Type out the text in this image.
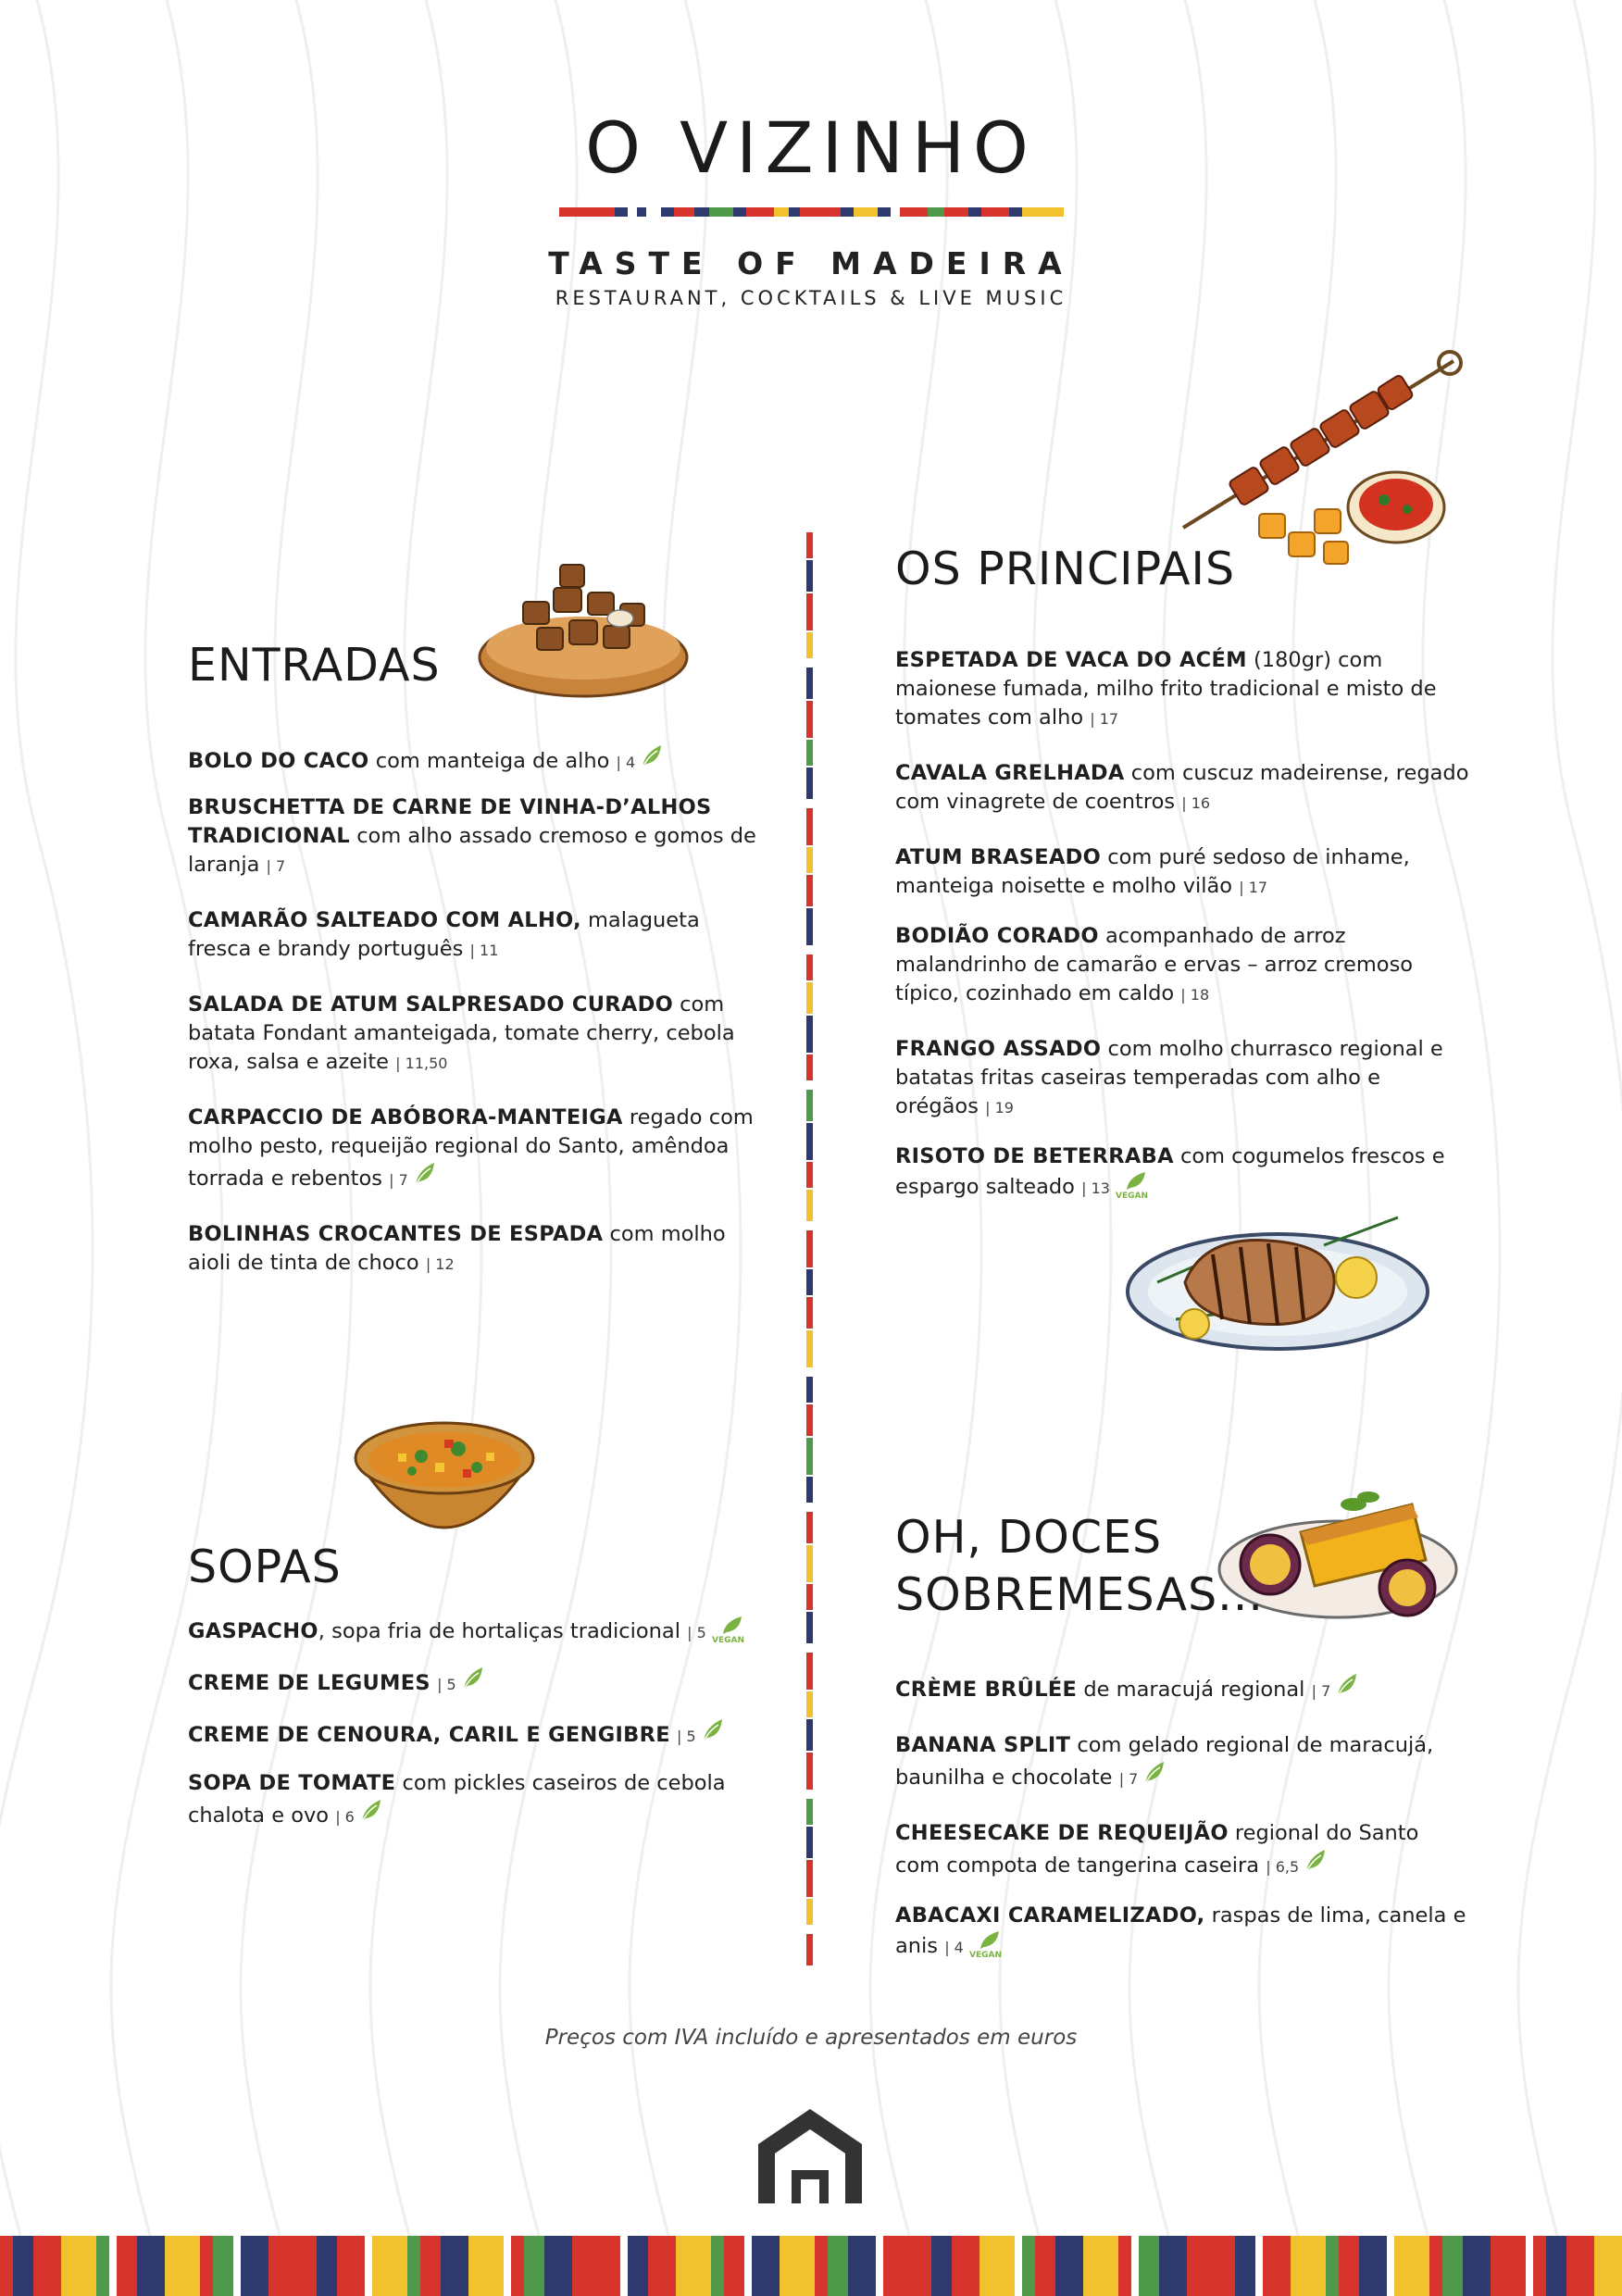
O VIZINHO
TASTE OF MADEIRA
RESTAURANT, COCKTAILS & LIVE MUSIC
ENTRADAS
BOLO DO CACO com manteiga de alho | 4
BRUSCHETTA DE CARNE DE VINHA-D’ALHOS TRADICIONAL com alho assado cremoso e gomos de laranja | 7
CAMARÃO SALTEADO COM ALHO, malagueta fresca e brandy português | 11
SALADA DE ATUM SALPRESADO CURADO com batata Fondant amanteigada, tomate cherry, cebola roxa, salsa e azeite | 11,50
CARPACCIO DE ABÓBORA-MANTEIGA regado com molho pesto, requeijão regional do Santo, amêndoa torrada e rebentos | 7
BOLINHAS CROCANTES DE ESPADA com molho aioli de tinta de choco | 12
SOPAS
GASPACHO, sopa fria de hortaliças tradicional | 5 VEGAN
CREME DE LEGUMES | 5
CREME DE CENOURA, CARIL E GENGIBRE | 5
SOPA DE TOMATE com pickles caseiros de cebola chalota e ovo | 6
OS PRINCIPAIS
ESPETADA DE VACA DO ACÉM (180gr) com maionese fumada, milho frito tradicional e misto de tomates com alho | 17
CAVALA GRELHADA com cuscuz madeirense, regado com vinagrete de coentros | 16
ATUM BRASEADO com puré sedoso de inhame, manteiga noisette e molho vilão | 17
BODIÃO CORADO acompanhado de arroz malandrinho de camarão e ervas – arroz cremoso típico, cozinhado em caldo | 18
FRANGO ASSADO com molho churrasco regional e batatas fritas caseiras temperadas com alho e orégãos | 19
RISOTO DE BETERRABA com cogumelos frescos e espargo salteado | 13 VEGAN
OH, DOCES
SOBREMESAS...
CRÈME BRÛLÉE de maracujá regional | 7
BANANA SPLIT com gelado regional de maracujá, baunilha e chocolate | 7
CHEESECAKE DE REQUEIJÃO regional do Santo com compota de tangerina caseira | 6,5
ABACAXI CARAMELIZADO, raspas de lima, canela e anis | 4 VEGAN
Preços com IVA incluído e apresentados em euros
